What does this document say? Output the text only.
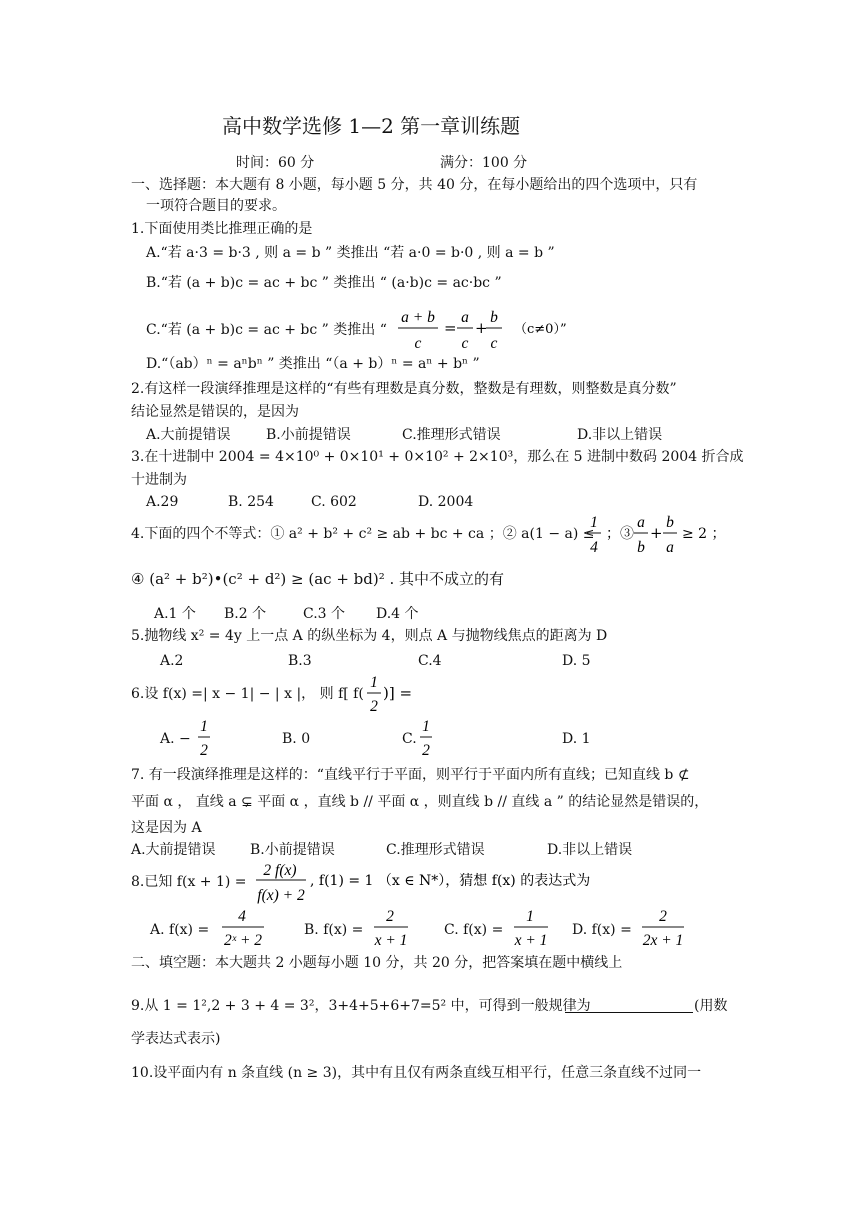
高中数学选修 1—2 第一章训练题
时间：60 分	满分：100 分
一、选择题：本大题有 8 小题，每小题 5 分，共 40 分，在每小题给出的四个选项中，只有
一项符合题目的要求。
1.下面使用类比推理正确的是
A.“若 a·3 = b·3 , 则 a = b ” 类推出 “若 a·0 = b·0 , 则 a = b ”
B.“若 (a + b)c = ac + bc ” 类推出 “ (a·b)c = ac·bc ”
C.“若 (a + b)c = ac + bc ” 类推出 “
a + b
c
=
a
c
+
b
c
（c≠0）”
D.“（ab）ⁿ = aⁿbⁿ ” 类推出 “（a + b）ⁿ = aⁿ + bⁿ ”
2.有这样一段演绎推理是这样的“有些有理数是真分数，整数是有理数，则整数是真分数”
结论显然是错误的，是因为
A.大前提错误	B.小前提错误	C.推理形式错误	D.非以上错误
3.在十进制中 2004 = 4×10⁰ + 0×10¹ + 0×10² + 2×10³，那么在 5 进制中数码 2004 折合成
十进制为
A.29	B. 254	C. 602	D. 2004
4.下面的四个不等式：① a² + b² + c² ≥ ab + bc + ca ；② a(1 − a) ≤
1
4
；③
a
b
+
b
a
≥ 2 ；
④ (a² + b²)•(c² + d²) ≥ (ac + bd)² . 其中不成立的有
A.1 个 B.2 个	C.3 个 D.4 个
5.抛物线 x² = 4y 上一点 A 的纵坐标为 4，则点 A 与抛物线焦点的距离为 D
A.2	B.3	C.4	D. 5
6.设 f(x) =| x − 1| − | x |， 则 f[ f(
1
2
)] =
A. −
1
2
B. 0	C.
1
2
D. 1
7. 有一段演绎推理是这样的：“直线平行于平面，则平行于平面内所有直线；已知直线 b ⊄
平面 α ， 直线 a ⊊ 平面 α ，直线 b // 平面 α ，则直线 b // 直线 a ” 的结论显然是错误的，
这是因为 A
A.大前提错误 B.小前提错误	C.推理形式错误	D.非以上错误
8.已知 f(x + 1) =
2 f(x)
f(x) + 2
, f(1) = 1 （x ∈ N*），猜想 f(x) 的表达式为
A. f(x) =
4
2ˣ + 2
B. f(x) =
2
x + 1
C. f(x) =
1
x + 1
D. f(x) =
2
2x + 1
二、填空题：本大题共 2 小题每小题 10 分，共 20 分，把答案填在题中横线上
9.从 1 = 1²,2 + 3 + 4 = 3²，3+4+5+6+7=5² 中，可得到一般规律为	(用数
学表达式表示)
10.设平面内有 n 条直线 (n ≥ 3)，其中有且仅有两条直线互相平行，任意三条直线不过同一
